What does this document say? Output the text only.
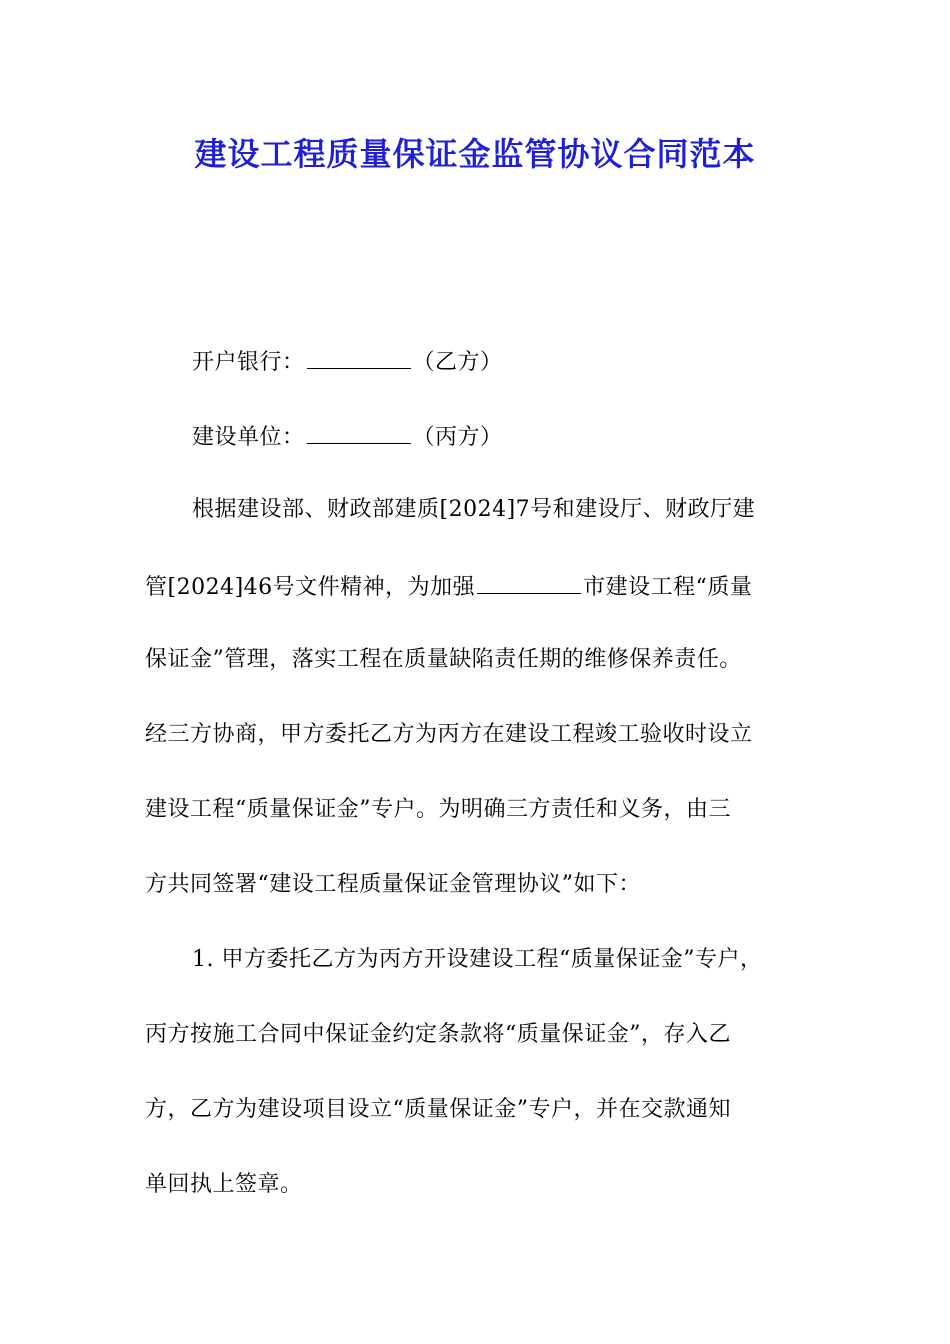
建设工程质量保证金监管协议合同范本
开户银行：	（乙方）
建设单位：	（丙方）
根据建设部、财政部建质[2024]7号和建设厅、财政厅建
管[2024]46号文件精神，为加强	市建设工程“质量
保证金”管理，落实工程在质量缺陷责任期的维修保养责任。
经三方协商，甲方委托乙方为丙方在建设工程竣工验收时设立
建设工程“质量保证金”专户。为明确三方责任和义务，由三
方共同签署“建设工程质量保证金管理协议”如下：
1. 甲方委托乙方为丙方开设建设工程“质量保证金”专户，
丙方按施工合同中保证金约定条款将“质量保证金”，存入乙
方，乙方为建设项目设立“质量保证金”专户，并在交款通知
单回执上签章。
